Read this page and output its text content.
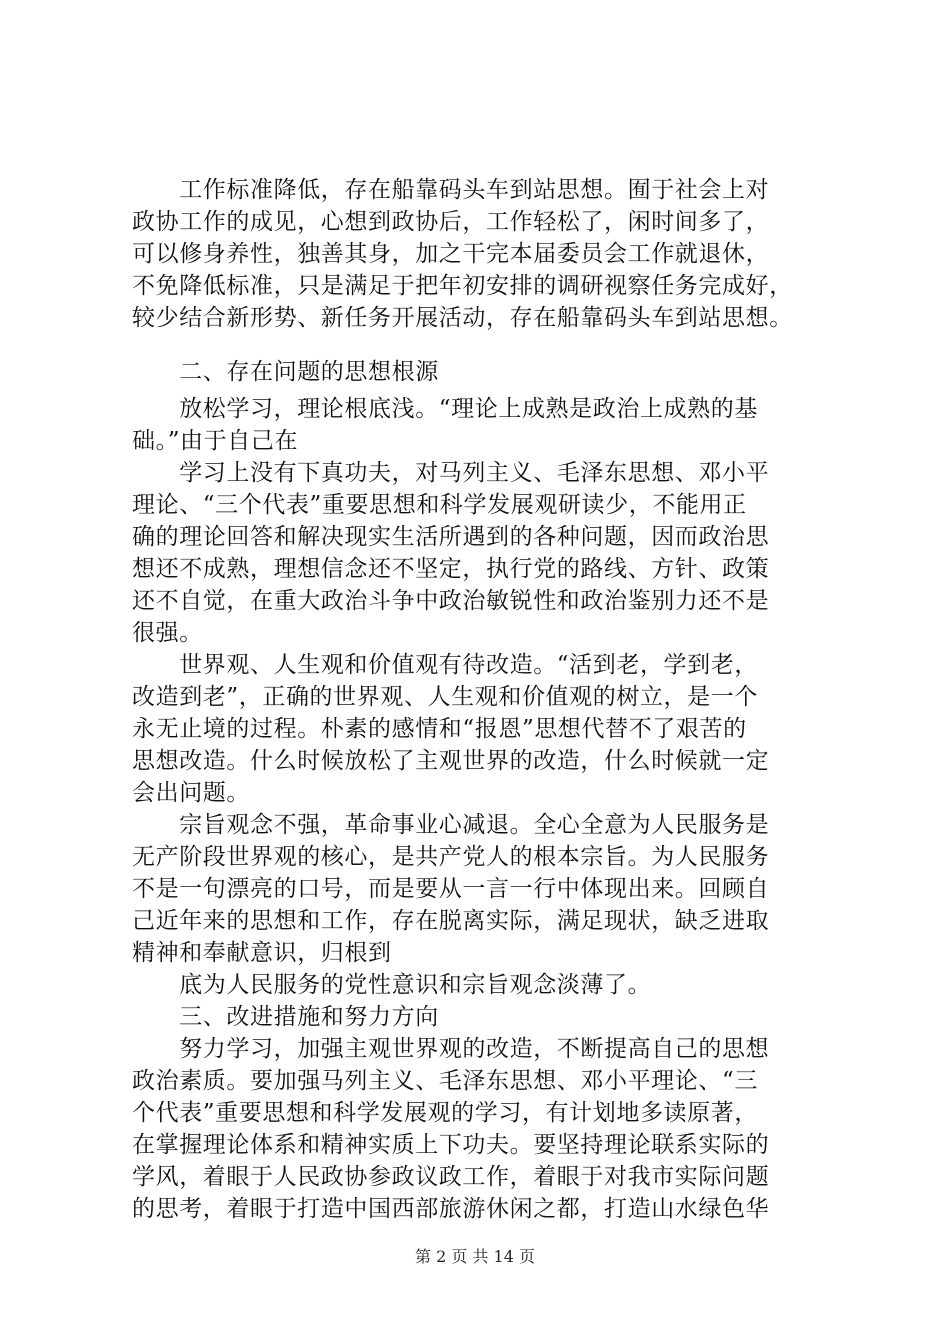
　　工作标准降低，存在船靠码头车到站思想。囿于社会上对
政协工作的成见，心想到政协后，工作轻松了，闲时间多了，
可以修身养性，独善其身，加之干完本届委员会工作就退休，
不免降低标准，只是满足于把年初安排的调研视察任务完成好，
较少结合新形势、新任务开展活动，存在船靠码头车到站思想。
　　二、存在问题的思想根源
　　放松学习，理论根底浅。“理论上成熟是政治上成熟的基
础。”由于自己在
　　学习上没有下真功夫，对马列主义、毛泽东思想、邓小平
理论、“三个代表”重要思想和科学发展观研读少，不能用正
确的理论回答和解决现实生活所遇到的各种问题，因而政治思
想还不成熟，理想信念还不坚定，执行党的路线、方针、政策
还不自觉，在重大政治斗争中政治敏锐性和政治鉴别力还不是
很强。
　　世界观、人生观和价值观有待改造。“活到老，学到老，
改造到老”，正确的世界观、人生观和价值观的树立，是一个
永无止境的过程。朴素的感情和“报恩”思想代替不了艰苦的
思想改造。什么时候放松了主观世界的改造，什么时候就一定
会出问题。
　　宗旨观念不强，革命事业心减退。全心全意为人民服务是
无产阶段世界观的核心，是共产党人的根本宗旨。为人民服务
不是一句漂亮的口号，而是要从一言一行中体现出来。回顾自
己近年来的思想和工作，存在脱离实际，满足现状，缺乏进取
精神和奉献意识，归根到
　　底为人民服务的党性意识和宗旨观念淡薄了。
　　三、改进措施和努力方向
　　努力学习，加强主观世界观的改造，不断提高自己的思想
政治素质。要加强马列主义、毛泽东思想、邓小平理论、“三
个代表”重要思想和科学发展观的学习，有计划地多读原著，
在掌握理论体系和精神实质上下功夫。要坚持理论联系实际的
学风，着眼于人民政协参政议政工作，着眼于对我市实际问题
的思考，着眼于打造中国西部旅游休闲之都，打造山水绿色华
第 2 页 共 14 页
